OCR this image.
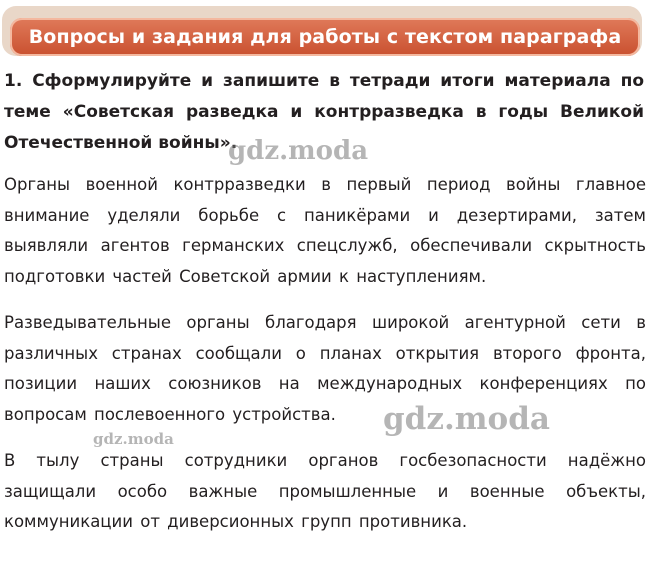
Вопросы и задания для работы с текстом параграфа
1. Сформулируйте и запишите в тетради итоги материала по теме «Советская разведка и контрразведка в годы Великой Отечественной войны».
Органы военной контрразведки в первый период войны главное внимание уделяли борьбе с паникёрами и дезертирами, затем выявляли агентов германских спецслужб, обеспечивали скрытность подготовки частей Советской армии к наступлениям.
Разведывательные органы благодаря широкой агентурной сети в различных странах сообщали о планах открытия второго фронта, позиции наших союзников на международных конференциях по вопросам послевоенного устройства.
В тылу страны сотрудники органов госбезопасности надёжно защищали особо важные промышленные и военные объекты, коммуникации от диверсионных групп противника.
gdz.moda
gdz.moda
gdz.moda
